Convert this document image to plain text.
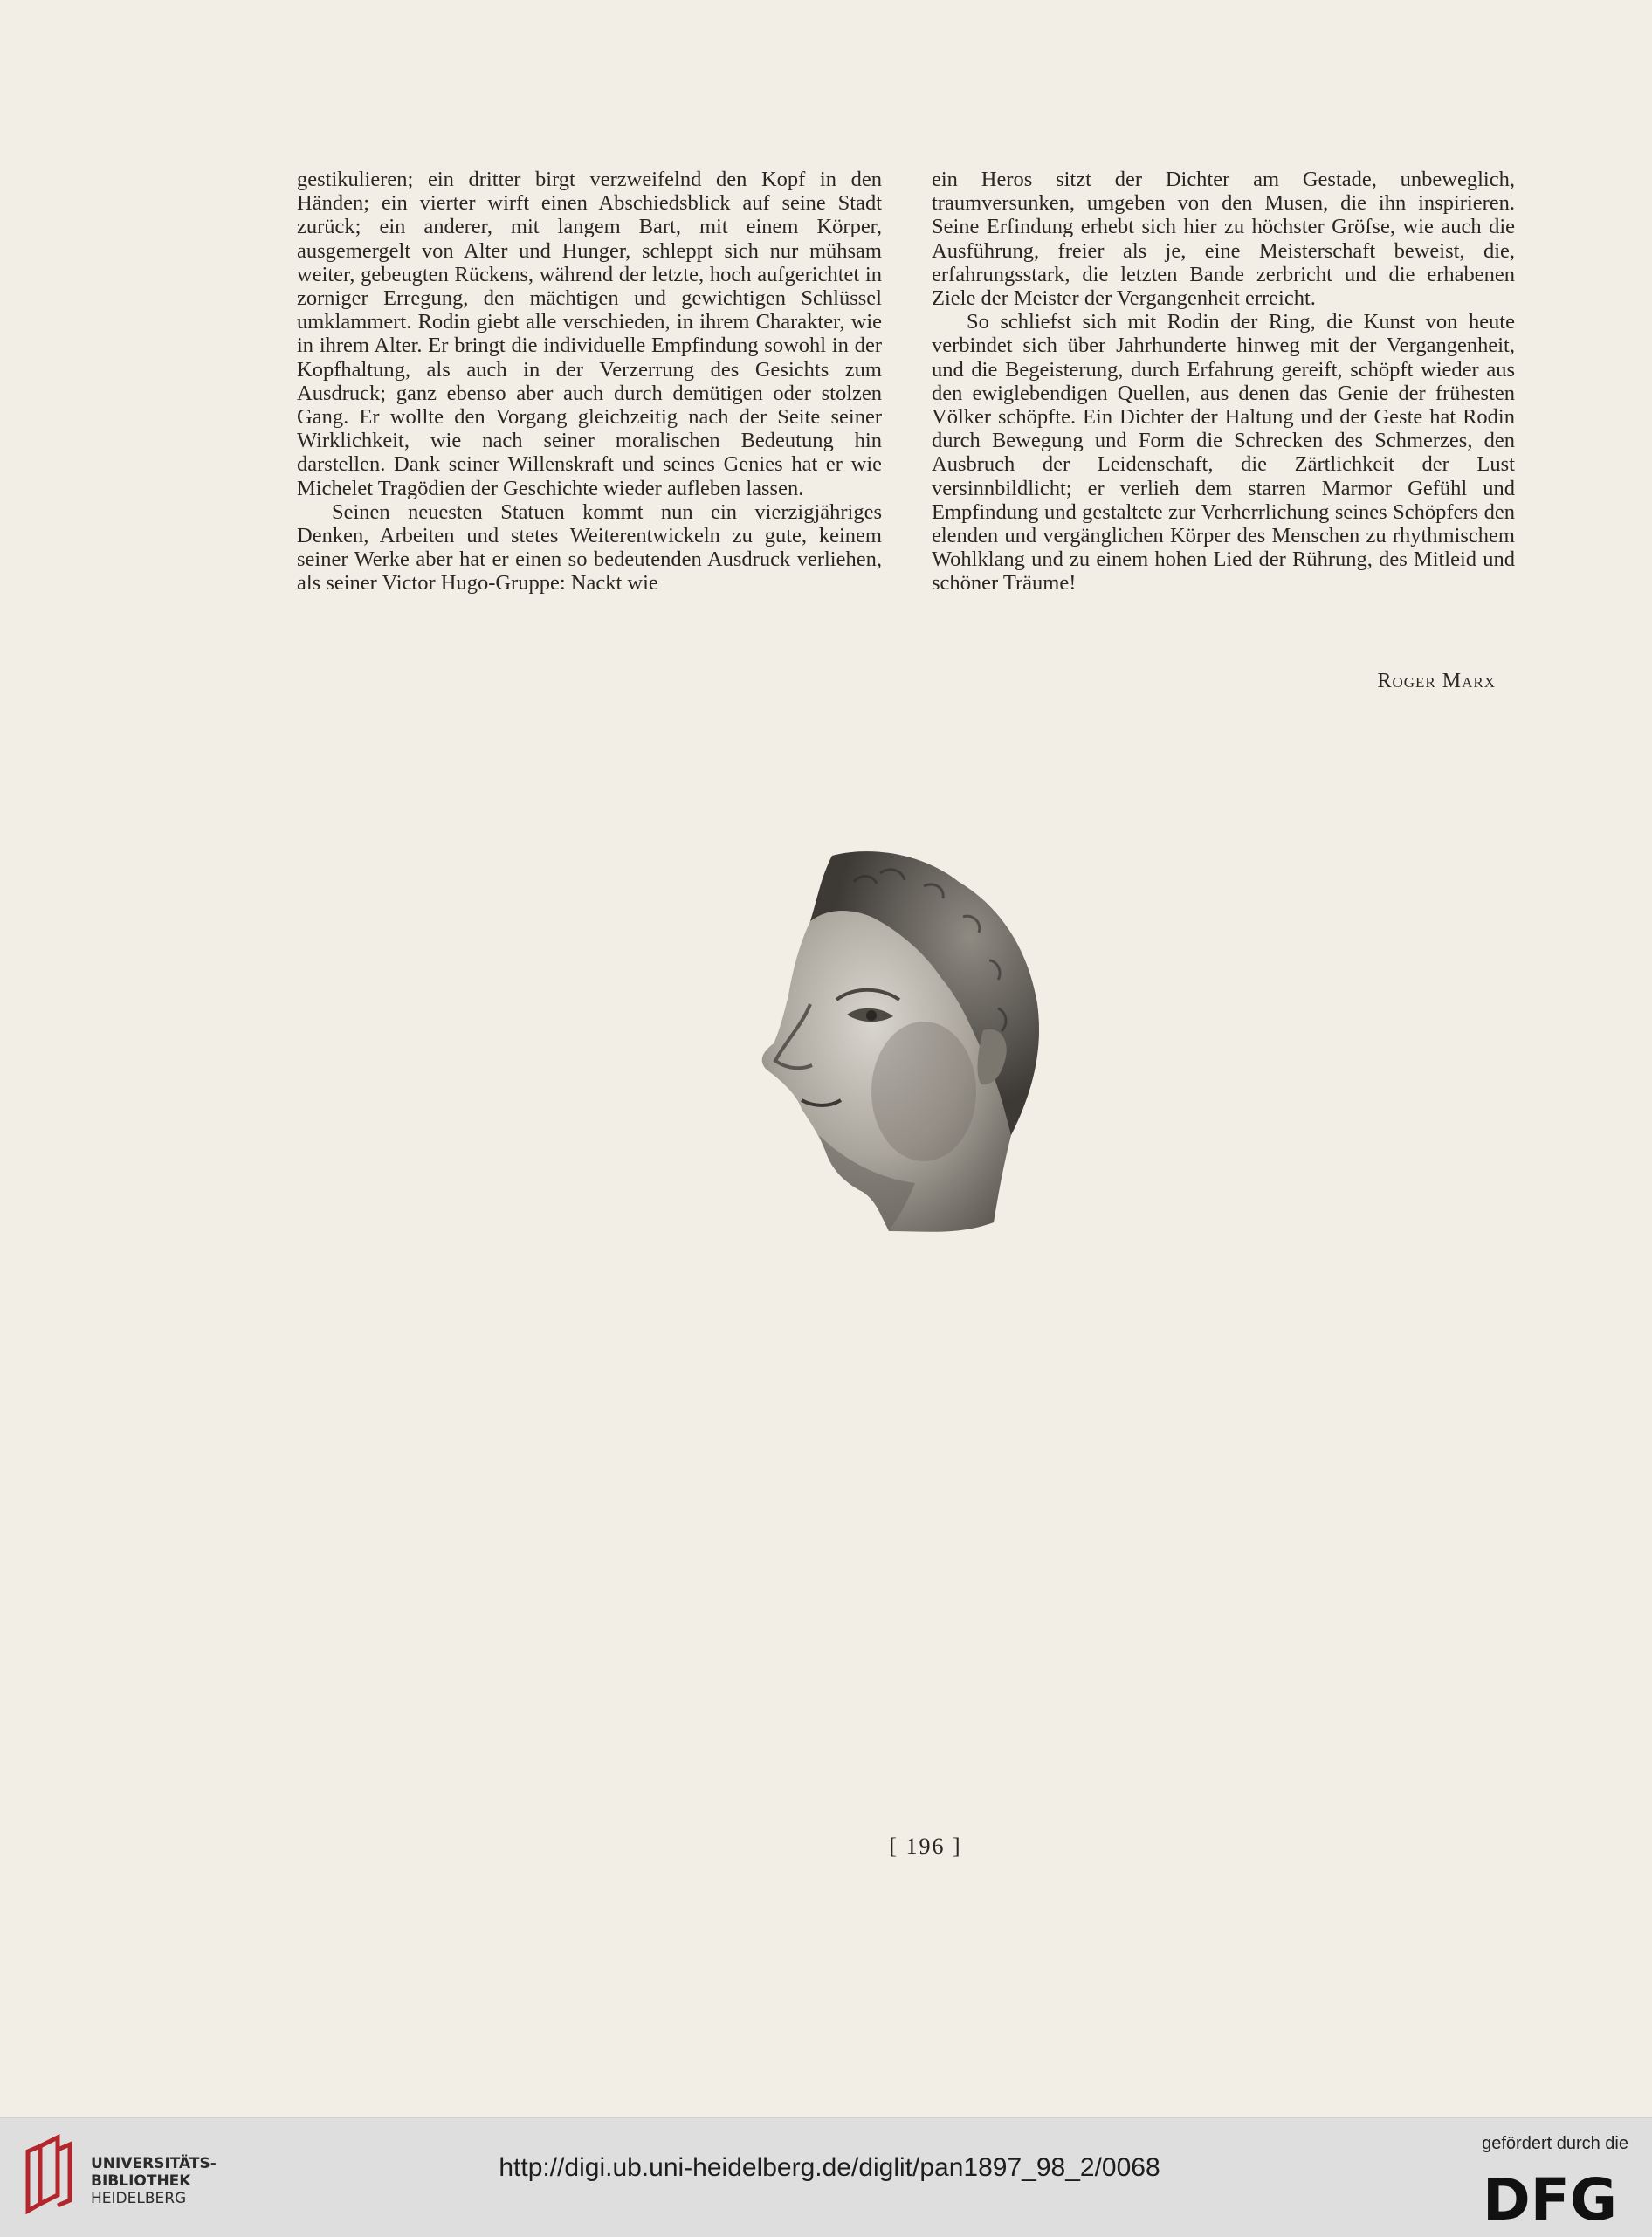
gestikulieren; ein dritter birgt verzweifelnd den Kopf in den Händen; ein vierter wirft einen Abschiedsblick auf seine Stadt zurück; ein anderer, mit langem Bart, mit einem Körper, ausgemergelt von Alter und Hunger, schleppt sich nur mühsam weiter, gebeugten Rückens, während der letzte, hoch aufgerichtet in zorniger Erregung, den mächtigen und gewichtigen Schlüssel umklammert. Rodin giebt alle verschieden, in ihrem Charakter, wie in ihrem Alter. Er bringt die individuelle Empfindung sowohl in der Kopfhaltung, als auch in der Verzerrung des Gesichts zum Ausdruck; ganz ebenso aber auch durch demütigen oder stolzen Gang. Er wollte den Vorgang gleichzeitig nach der Seite seiner Wirklichkeit, wie nach seiner moralischen Bedeutung hin darstellen. Dank seiner Willenskraft und seines Genies hat er wie Michelet Tragödien der Geschichte wieder aufleben lassen.

Seinen neuesten Statuen kommt nun ein vierzigjähriges Denken, Arbeiten und stetes Weiterentwickeln zu gute, keinem seiner Werke aber hat er einen so bedeutenden Ausdruck verliehen, als seiner Victor Hugo-Gruppe: Nackt wie

ein Heros sitzt der Dichter am Gestade, unbeweglich, traumversunken, umgeben von den Musen, die ihn inspirieren. Seine Erfindung erhebt sich hier zu höchster Gröfse, wie auch die Ausführung, freier als je, eine Meisterschaft beweist, die, erfahrungsstark, die letzten Bande zerbricht und die erhabenen Ziele der Meister der Vergangenheit erreicht.

So schliefst sich mit Rodin der Ring, die Kunst von heute verbindet sich über Jahrhunderte hinweg mit der Vergangenheit, und die Begeisterung, durch Erfahrung gereift, schöpft wieder aus den ewiglebendigen Quellen, aus denen das Genie der frühesten Völker schöpfte. Ein Dichter der Haltung und der Geste hat Rodin durch Bewegung und Form die Schrecken des Schmerzes, den Ausbruch der Leidenschaft, die Zärtlichkeit der Lust versinnbildlicht; er verlieh dem starren Marmor Gefühl und Empfindung und gestaltete zur Verherrlichung seines Schöpfers den elenden und vergänglichen Körper des Menschen zu rhythmischem Wohlklang und zu einem hohen Lied der Rührung, des Mitleid und schöner Träume!

Roger Marx
[ 196 ]
UNIVERSITÄTS-
BIBLIOTHEK
HEIDELBERG
http://digi.ub.uni-heidelberg.de/diglit/pan1897_98_2/0068
gefördert durch die
DFG
